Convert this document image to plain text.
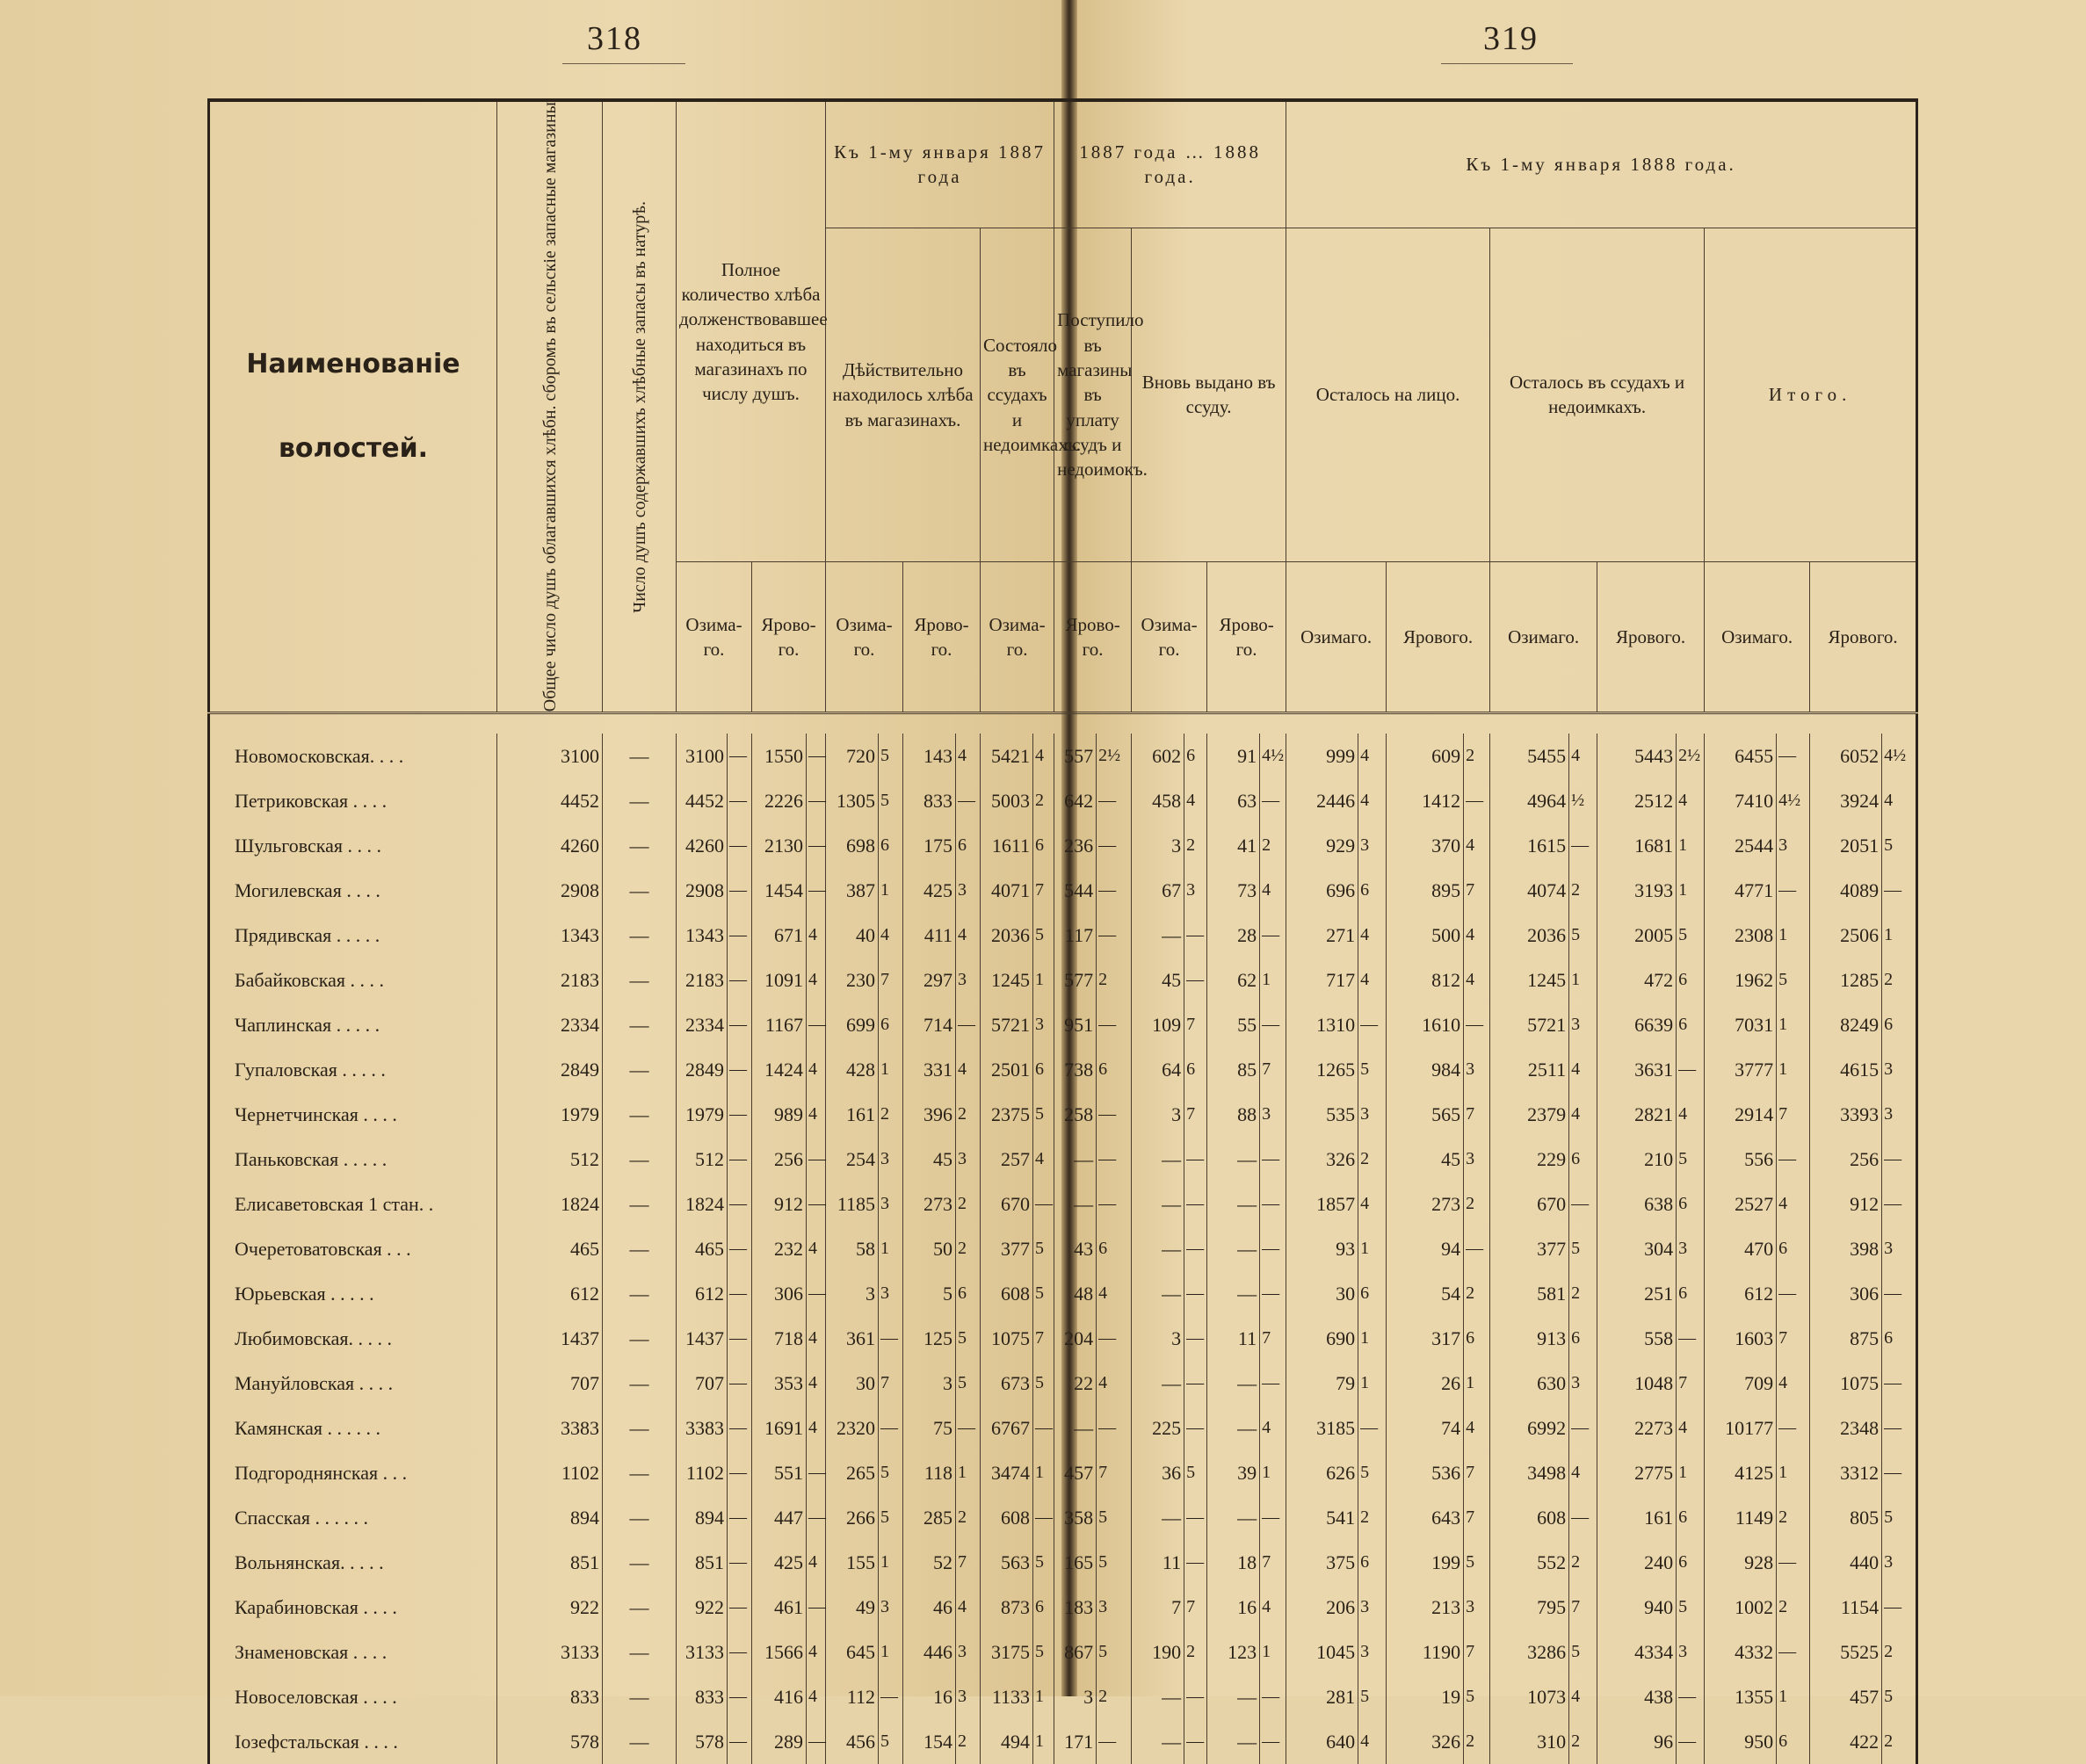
318	319
Наименованіе
волостей.	Общее число душъ облагавшихся хлѣбн. сборомъ въ сельскіе запасные магазины	Число душъ содержавшихъ хлѣбные запасы въ натурѣ.	Полное количество хлѣба долженствовавшее находиться въ магазинахъ по числу душъ.				Къ 1-му января 1887 года						1887 года … 1888 года.						Къ 1-му января 1888 года.											
							Дѣйствительно находилось хлѣба въ магазинахъ.				Состояло въ ссудахъ и недоимкахъ.		Поступило въ магазины въ уплату ссудъ и недоимокъ.		Вновь выдано въ ссуду.				Осталось на лицо.				Осталось въ ссудахъ и недоимкахъ.				Итого.			
			Озима-го.		Ярово-го.		Озима-го.		Ярово-го.		Озима-го.		Ярово-го.		Озима-го.		Ярово-го.		Озимаго.		Ярового.		Озимаго.		Ярового.		Озимаго.		Ярового.	

Новомосковская. . . .	3100	—	3100	—	1550	—	720	5	143	4	5421	4	557	2½	602	6	91	4½	999	4	609	2	5455	4	5443	2½	6455	—	6052	4½
Петриковская . . . .	4452	—	4452	—	2226	—	1305	5	833	—	5003	2	642	—	458	4	63	—	2446	4	1412	—	4964	½	2512	4	7410	4½	3924	4
Шульговская . . . .	4260	—	4260	—	2130	—	698	6	175	6	1611	6	236	—	3	2	41	2	929	3	370	4	1615	—	1681	1	2544	3	2051	5
Могилевская . . . .	2908	—	2908	—	1454	—	387	1	425	3	4071	7	544	—	67	3	73	4	696	6	895	7	4074	2	3193	1	4771	—	4089	—
Прядивская . . . . .	1343	—	1343	—	671	4	40	4	411	4	2036	5	117	—	—	—	28	—	271	4	500	4	2036	5	2005	5	2308	1	2506	1
Бабайковская . . . .	2183	—	2183	—	1091	4	230	7	297	3	1245	1	577	2	45	—	62	1	717	4	812	4	1245	1	472	6	1962	5	1285	2
Чаплинская . . . . .	2334	—	2334	—	1167	—	699	6	714	—	5721	3	951	—	109	7	55	—	1310	—	1610	—	5721	3	6639	6	7031	1	8249	6
Гупаловская . . . . .	2849	—	2849	—	1424	4	428	1	331	4	2501	6	738	6	64	6	85	7	1265	5	984	3	2511	4	3631	—	3777	1	4615	3
Чернетчинская . . . .	1979	—	1979	—	989	4	161	2	396	2	2375	5	258	—	3	7	88	3	535	3	565	7	2379	4	2821	4	2914	7	3393	3
Паньковская . . . . .	512	—	512	—	256	—	254	3	45	3	257	4	—	—	—	—	—	—	326	2	45	3	229	6	210	5	556	—	256	—
Елисаветовская 1 стан. .	1824	—	1824	—	912	—	1185	3	273	2	670	—	—	—	—	—	—	—	1857	4	273	2	670	—	638	6	2527	4	912	—
Очеретоватовская . . .	465	—	465	—	232	4	58	1	50	2	377	5	43	6	—	—	—	—	93	1	94	—	377	5	304	3	470	6	398	3
Юрьевская . . . . .	612	—	612	—	306	—	3	3	5	6	608	5	48	4	—	—	—	—	30	6	54	2	581	2	251	6	612	—	306	—
Любимовская. . . . .	1437	—	1437	—	718	4	361	—	125	5	1075	7	204	—	3	—	11	7	690	1	317	6	913	6	558	—	1603	7	875	6
Мануйловская . . . .	707	—	707	—	353	4	30	7	3	5	673	5	22	4	—	—	—	—	79	1	26	1	630	3	1048	7	709	4	1075	—
Камянская . . . . . .	3383	—	3383	—	1691	4	2320	—	75	—	6767	—	—	—	225	—	—	4	3185	—	74	4	6992	—	2273	4	10177	—	2348	—
Подгороднянская . . .	1102	—	1102	—	551	—	265	5	118	1	3474	1	457	7	36	5	39	1	626	5	536	7	3498	4	2775	1	4125	1	3312	—
Спасская . . . . . .	894	—	894	—	447	—	266	5	285	2	608	—	358	5	—	—	—	—	541	2	643	7	608	—	161	6	1149	2	805	5
Вольнянская. . . . .	851	—	851	—	425	4	155	1	52	7	563	5	165	5	11	—	18	7	375	6	199	5	552	2	240	6	928	—	440	3
Карабиновская . . . .	922	—	922	—	461	—	49	3	46	4	873	6	183	3	7	7	16	4	206	3	213	3	795	7	940	5	1002	2	1154	—
Знаменовская . . . .	3133	—	3133	—	1566	4	645	1	446	3	3175	5	867	5	190	2	123	1	1045	3	1190	7	3286	5	4334	3	4332	—	5525	2
Новоселовская . . . .	833	—	833	—	416	4	112	—	16	3	1133	1	3	2	—	—	—	—	281	5	19	5	1073	4	438	—	1355	1	457	5
Іозефстальская . . . .	578	—	578	—	289	—	456	5	154	2	494	1	171	—	—	—	—	—	640	4	326	2	310	2	96	—	950	6	422	2
